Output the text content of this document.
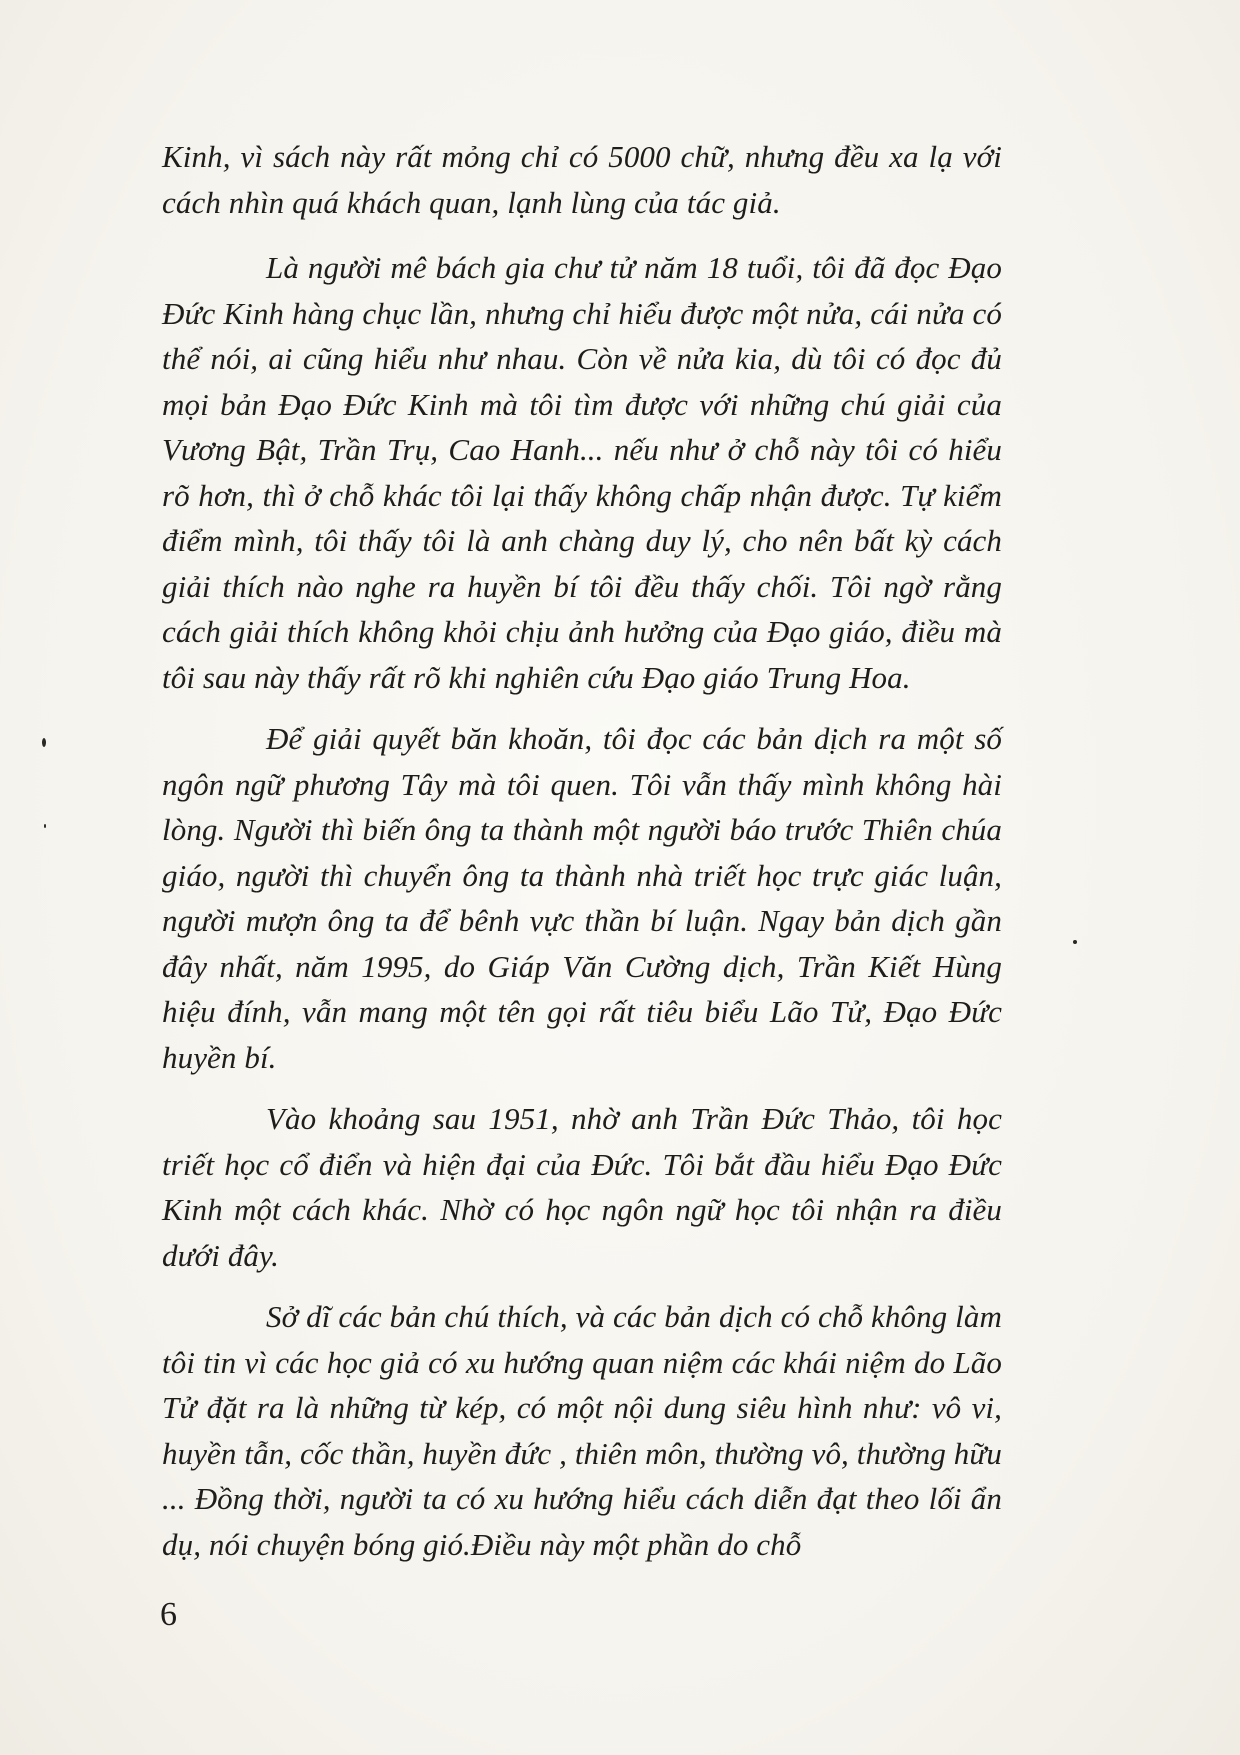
Kinh, vì sách này rất mỏng chỉ có 5000 chữ, nhưng đều xa lạ với cách nhìn quá khách quan, lạnh lùng của tác giả.

Là người mê bách gia chư tử năm 18 tuổi, tôi đã đọc Đạo Đức Kinh hàng chục lần, nhưng chỉ hiểu được một nửa, cái nửa có thể nói, ai cũng hiểu như nhau. Còn về nửa kia, dù tôi có đọc đủ mọi bản Đạo Đức Kinh mà tôi tìm được với những chú giải của Vương Bật, Trần Trụ, Cao Hanh... nếu như ở chỗ này tôi có hiểu rõ hơn, thì ở chỗ khác tôi lại thấy không chấp nhận được. Tự kiểm điểm mình, tôi thấy tôi là anh chàng duy lý, cho nên bất kỳ cách giải thích nào nghe ra huyền bí tôi đều thấy chối. Tôi ngờ rằng cách giải thích không khỏi chịu ảnh hưởng của Đạo giáo, điều mà tôi sau này thấy rất rõ khi nghiên cứu Đạo giáo Trung Hoa.

Để giải quyết băn khoăn, tôi đọc các bản dịch ra một số ngôn ngữ phương Tây mà tôi quen. Tôi vẫn thấy mình không hài lòng. Người thì biến ông ta thành một người báo trước Thiên chúa giáo, người thì chuyển ông ta thành nhà triết học trực giác luận, người mượn ông ta để bênh vực thần bí luận. Ngay bản dịch gần đây nhất, năm 1995, do Giáp Văn Cường dịch, Trần Kiết Hùng hiệu đính, vẫn mang một tên gọi rất tiêu biểu Lão Tử, Đạo Đức huyền bí.

Vào khoảng sau 1951, nhờ anh Trần Đức Thảo, tôi học triết học cổ điển và hiện đại của Đức. Tôi bắt đầu hiểu Đạo Đức Kinh một cách khác. Nhờ có học ngôn ngữ học tôi nhận ra điều dưới đây.

Sở dĩ các bản chú thích, và các bản dịch có chỗ không làm tôi tin vì các học giả có xu hướng quan niệm các khái niệm do Lão Tử đặt ra là những từ kép, có một nội dung siêu hình như: vô vi, huyền tẫn, cốc thần, huyền đức , thiên môn, thường vô, thường hữu ... Đồng thời, người ta có xu hướng hiểu cách diễn đạt theo lối ẩn dụ, nói chuyện bóng gió.Điều này một phần do chỗ

6
